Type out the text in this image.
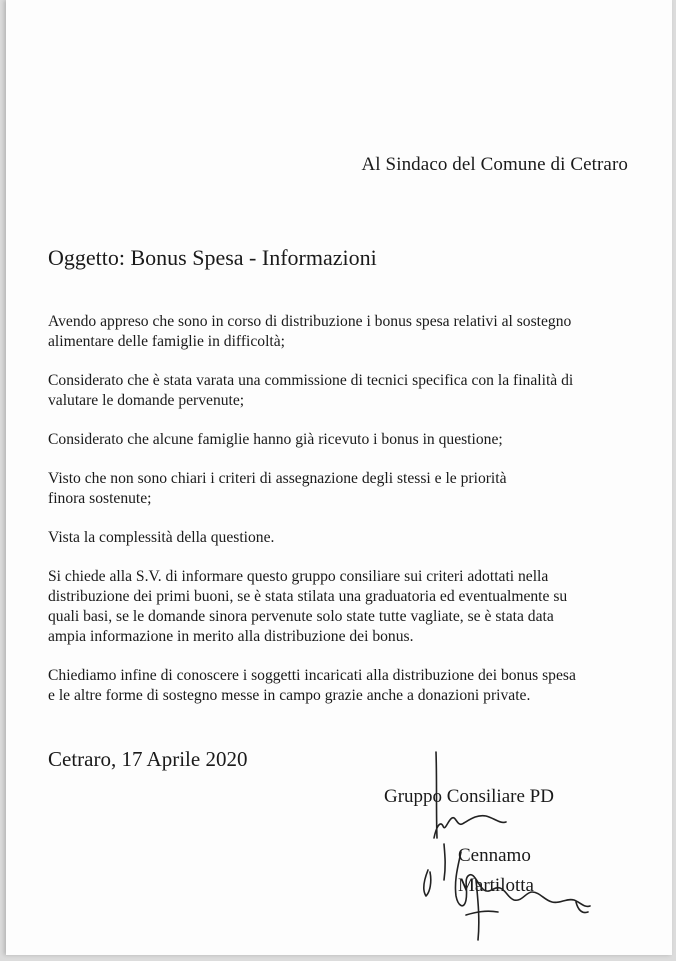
Al Sindaco del Comune di Cetraro
Oggetto: Bonus Spesa - Informazioni

Avendo appreso che sono in corso di distribuzione i bonus spesa relativi al sostegno
alimentare delle famiglie in difficoltà;

Considerato che è stata varata una commissione di tecnici specifica con la finalità di
valutare le domande pervenute;

Considerato che alcune famiglie hanno già ricevuto i bonus in questione;

Visto che non sono chiari i criteri di assegnazione degli stessi e le priorità
finora sostenute;

Vista la complessità della questione.

Si chiede alla S.V. di informare questo gruppo consiliare sui criteri adottati nella
distribuzione dei primi buoni, se è stata stilata una graduatoria ed eventualmente su
quali basi, se le domande sinora pervenute solo state tutte vagliate, se è stata data
ampia informazione in merito alla distribuzione dei bonus.

Chiediamo infine di conoscere i soggetti incaricati alla distribuzione dei bonus spesa
e le altre forme di sostegno messe in campo grazie anche a donazioni private.

Cetraro, 17 Aprile 2020
Gruppo Consiliare PD
Cennamo
Martilotta
